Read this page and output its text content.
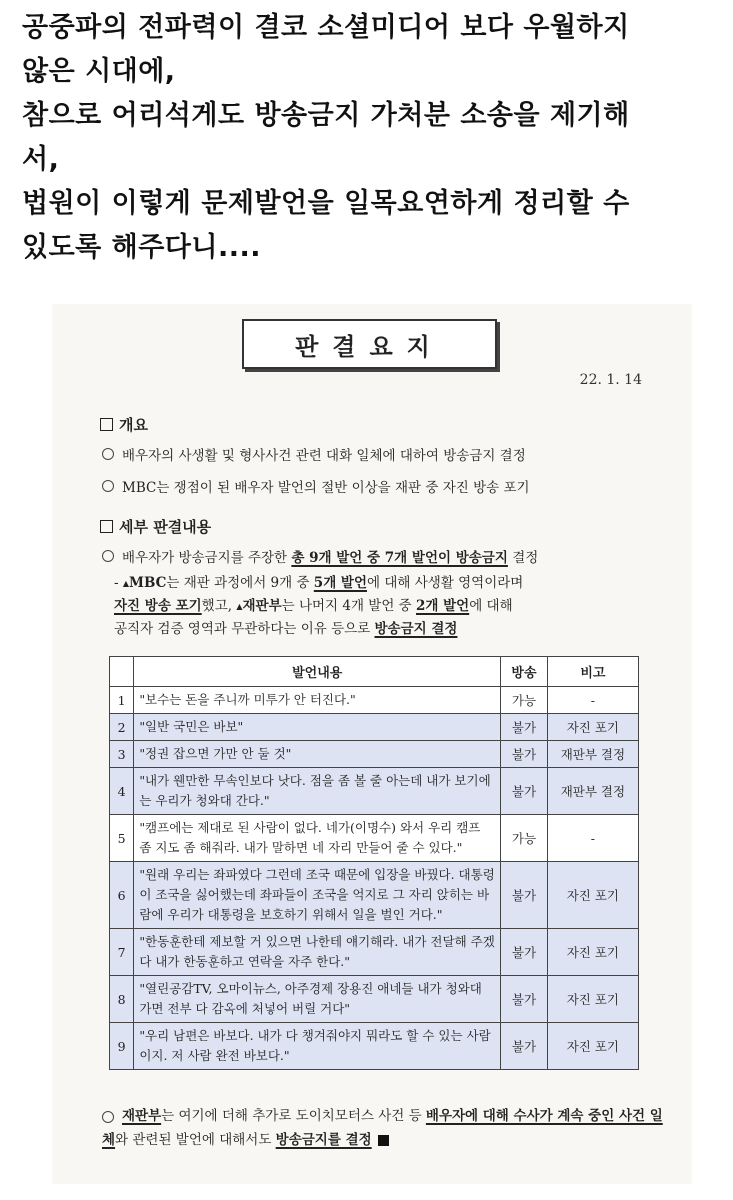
공중파의 전파력이 결코 소셜미디어 보다 우월하지
않은 시대에,
참으로 어리석게도 방송금지 가처분 소송을 제기해
서,
법원이 이렇게 문제발언을 일목요연하게 정리할 수
있도록 해주다니....
판결요지
22. 1. 14
개요
배우자의 사생활 및 형사사건 관련 대화 일체에 대하여 방송금지 결정
MBC는 쟁점이 된 배우자 발언의 절반 이상을 재판 중 자진 방송 포기
세부 판결내용
배우자가 방송금지를 주장한 총 9개 발언 중 7개 발언이 방송금지 결정
- ▲MBC는 재판 과정에서 9개 중 5개 발언에 대해 사생활 영역이라며
자진 방송 포기했고, ▲재판부는 나머지 4개 발언 중 2개 발언에 대해
공직자 검증 영역과 무관하다는 이유 등으로 방송금지 결정
	발언내용	방송	비고
1	"보수는 돈을 주니까 미투가 안 터진다."	가능	-
2	"일반 국민은 바보"	불가	자진 포기
3	"정권 잡으면 가만 안 둘 것"	불가	재판부 결정
4	"내가 웬만한 무속인보다 낫다. 점을 좀 볼 줄 아는데 내가 보기에는 우리가 청와대 간다."	불가	재판부 결정
5	"캠프에는 제대로 된 사람이 없다. 네가(이명수) 와서 우리 캠프 좀 지도 좀 해줘라. 내가 말하면 네 자리 만들어 줄 수 있다."	가능	-
6	"원래 우리는 좌파였다 그런데 조국 때문에 입장을 바꿨다. 대통령이 조국을 싫어했는데 좌파들이 조국을 억지로 그 자리 앉히는 바람에 우리가 대통령을 보호하기 위해서 일을 벌인 거다."	불가	자진 포기
7	"한동훈한테 제보할 거 있으면 나한테 얘기해라. 내가 전달해 주겠다 내가 한동훈하고 연락을 자주 한다."	불가	자진 포기
8	"열린공감TV, 오마이뉴스, 아주경제 장용진 애네들 내가 청와대 가면 전부 다 감옥에 처넣어 버릴 거다"	불가	자진 포기
9	"우리 남편은 바보다. 내가 다 챙겨줘야지 뭐라도 할 수 있는 사람이지. 저 사람 완전 바보다."	불가	자진 포기
재판부는 여기에 더해 추가로 도이치모터스 사건 등 배우자에 대해 수사가 계속 중인 사건 일체와 관련된 발언에 대해서도 방송금지를 결정
